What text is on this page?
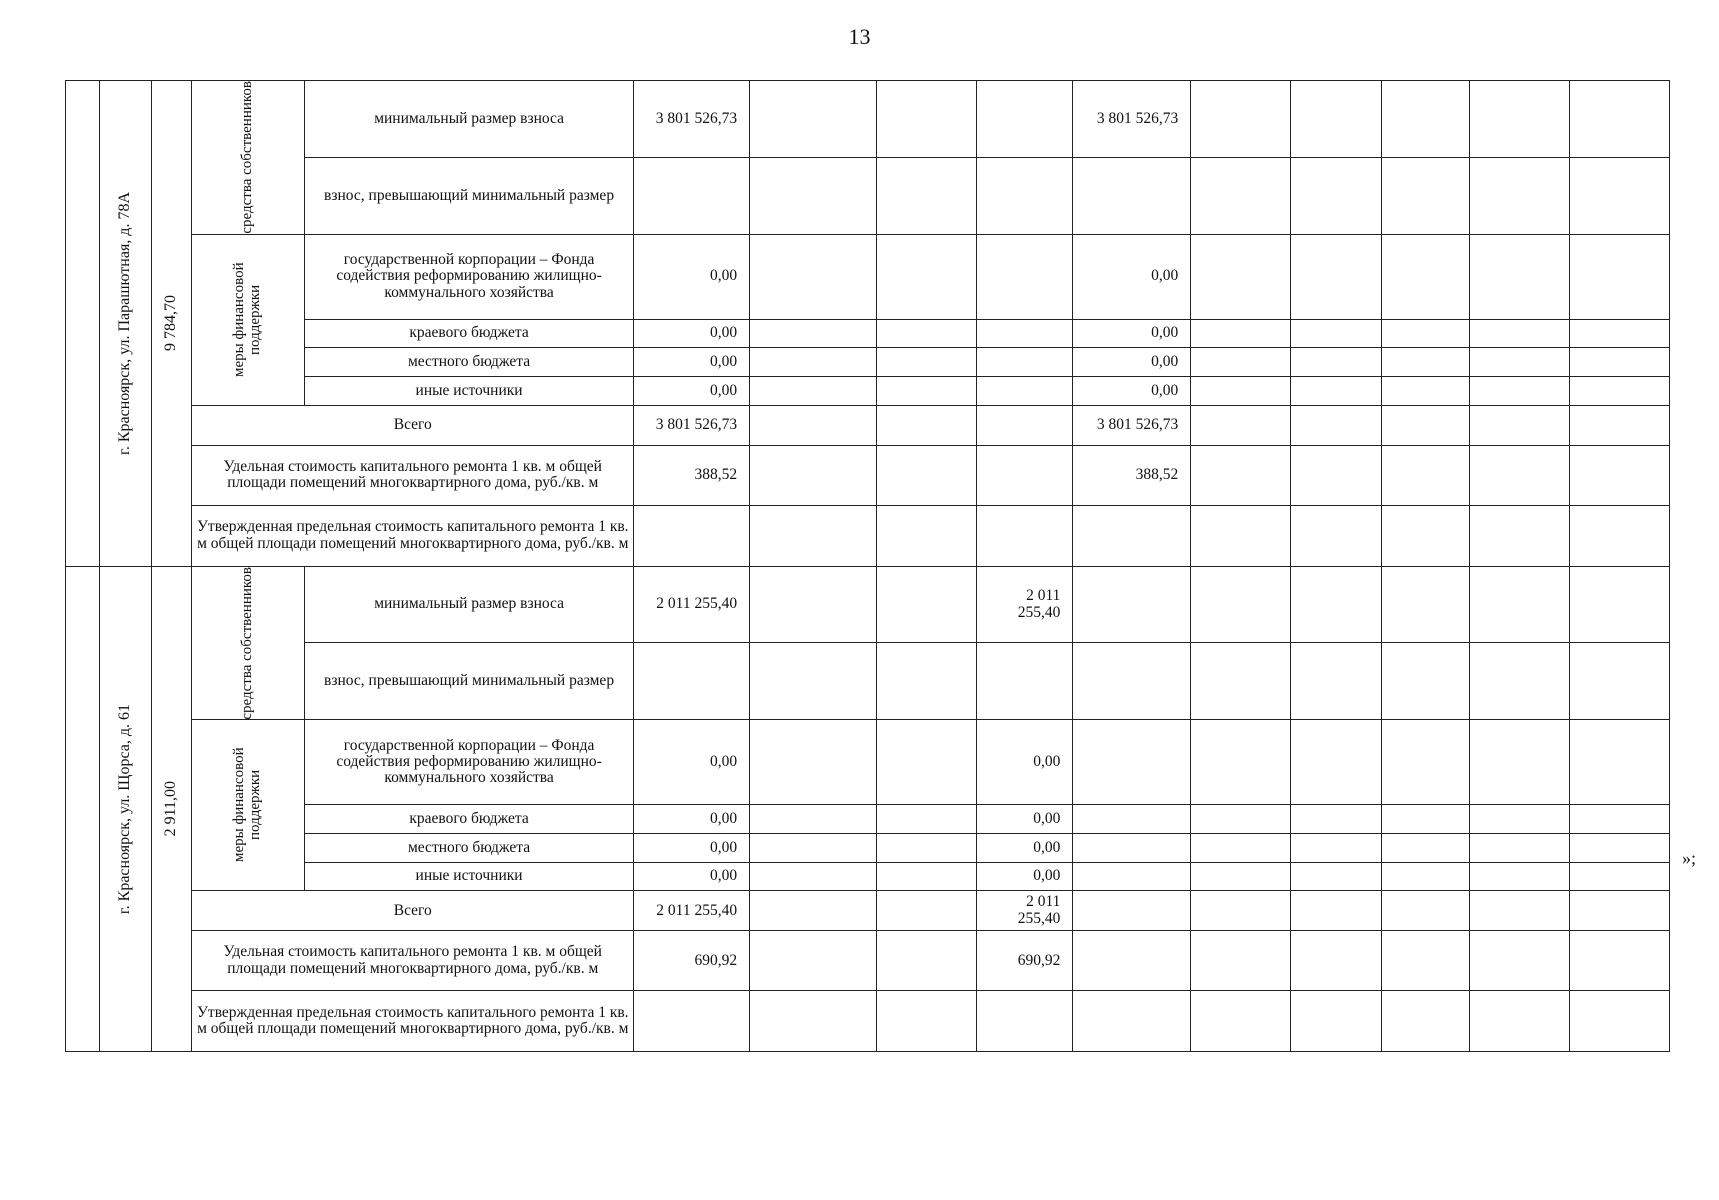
13

	г. Красноярск, ул. Парашютная, д. 78А	9 784,70	средства собственников	минимальный размер взноса	3 801 526,73				3 801 526,73					
				взнос, превышающий минимальный размер										

			меры финансовой поддержки	государственной корпорации – Фонда содействия реформированию жилищно-коммунального хозяйства	0,00				0,00					
				краевого бюджета	0,00				0,00					
				местного бюджета	0,00				0,00					
				иные источники	0,00				0,00					
			Всего		3 801 526,73				3 801 526,73					
			Удельная стоимость капитального ремонта 1 кв. м общей площади помещений многоквартирного дома, руб./кв. м		388,52				388,52					
			Утвержденная предельная стоимость капитального ремонта 1 кв. м общей площади помещений многоквартирного дома, руб./кв. м											

	г. Красноярск, ул. Щорса, д. 61	2 911,00	средства собственников	минимальный размер взноса	2 011 255,40			2 011 255,40						
				взнос, превышающий минимальный размер										

			меры финансовой поддержки	государственной корпорации – Фонда содействия реформированию жилищно-коммунального хозяйства	0,00			0,00						
				краевого бюджета	0,00			0,00						
				местного бюджета	0,00			0,00						
				иные источники	0,00			0,00						
			Всего		2 011 255,40			2 011 255,40						
			Удельная стоимость капитального ремонта 1 кв. м общей площади помещений многоквартирного дома, руб./кв. м		690,92			690,92						
			Утвержденная предельная стоимость капитального ремонта 1 кв. м общей площади помещений многоквартирного дома, руб./кв. м											
»;
